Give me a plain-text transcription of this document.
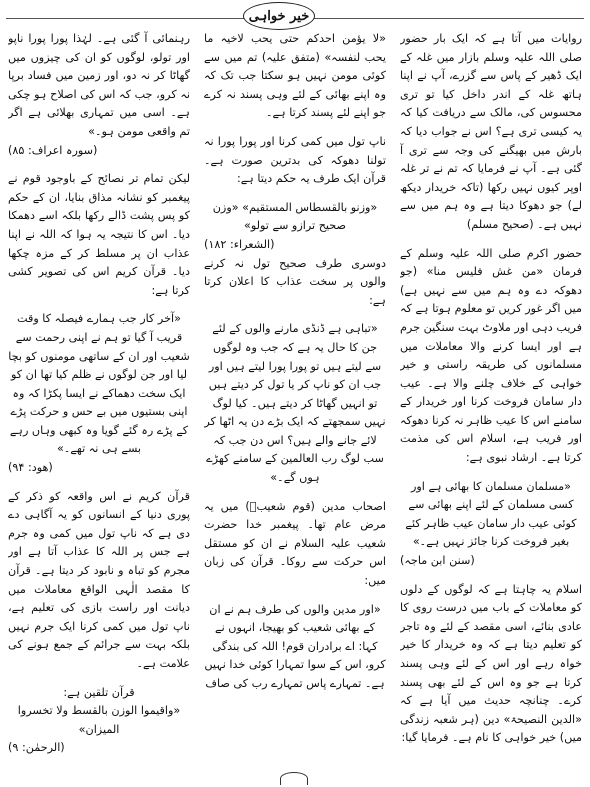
خیر خواہی

روایات میں آتا ہے کہ ایک بار حضور صلی اللہ علیہ وسلم بازار میں غلہ کے ایک ڈھیر کے پاس سے گزرے، آپ نے اپنا ہاتھ غلہ کے اندر داخل کیا تو تری محسوس کی، مالک سے دریافت کیا کہ یہ کیسی تری ہے؟ اس نے جواب دیا کہ بارش میں بھیگنے کی وجہ سے تری آ گئی ہے۔ آپ نے فرمایا کہ تم نے تر غلہ اوپر کیوں نہیں رکھا (تاکہ خریدار دیکھ لے) جو دھوکا دیتا ہے وہ ہم میں سے نہیں ہے۔ (صحیح مسلم)

حضور اکرم صلی اللہ علیہ وسلم کے فرمان «من غش فلیس منا» (جو دھوکہ دے وہ ہم میں سے نہیں ہے) میں اگر غور کریں تو معلوم ہوتا ہے کہ فریب دہی اور ملاوٹ بہت سنگین جرم ہے اور ایسا کرنے والا معاملات میں مسلمانوں کی طریقہ راستی و خیر خواہی کے خلاف چلنے والا ہے۔ عیب دار سامان فروخت کرنا اور خریدار کے سامنے اس کا عیب ظاہر نہ کرنا دھوکہ اور فریب ہے، اسلام اس کی مذمت کرتا ہے۔ ارشاد نبوی ہے:

«مسلمان مسلمان کا بھائی ہے اور کسی مسلمان کے لئے اپنے بھائی سے کوئی عیب دار سامان عیب ظاہر کئے بغیر فروخت کرنا جائز نہیں ہے۔»

(سنن ابن ماجہ)

اسلام یہ چاہتا ہے کہ لوگوں کے دلوں کو معاملات کے باب میں درست روی کا عادی بنائے، اسی مقصد کے لئے وہ تاجر کو تعلیم دیتا ہے کہ وہ خریدار کا خیر خواہ رہے اور اس کے لئے وہی پسند کرتا ہے جو وہ اس کے لئے بھی پسند کرے۔ چنانچہ حدیث میں آیا ہے کہ «الدین النصیحۃ» دین (ہر شعبہ زندگی میں) خیر خواہی کا نام ہے۔ فرمایا گیا:

«لا یؤمن احدکم حتی یحب لاخیہ ما یحب لنفسہ» (متفق علیہ) تم میں سے کوئی مومن نہیں ہو سکتا جب تک کہ وہ اپنے بھائی کے لئے وہی پسند نہ کرے جو اپنے لئے پسند کرتا ہے۔

ناپ تول میں کمی کرنا اور پورا پورا نہ تولنا دھوکہ کی بدترین صورت ہے۔ قرآن ایک طرف یہ حکم دیتا ہے:

«وزنو بالقسطاس المستقیم» «وزن صحیح ترازو سے تولو»

(الشعراء: ۱۸۲)

دوسری طرف صحیح تول نہ کرنے والوں پر سخت عذاب کا اعلان کرتا ہے:

«تباہی ہے ڈنڈی مارنے والوں کے لئے جن کا حال یہ ہے کہ جب وہ لوگوں سے لیتے ہیں تو پورا پورا لیتے ہیں اور جب ان کو ناپ کر یا تول کر دیتے ہیں تو انہیں گھاٹا کر دیتے ہیں۔ کیا لوگ نہیں سمجھتے کہ ایک بڑے دن یہ اٹھا کر لائے جانے والے ہیں؟ اس دن جب کہ سب لوگ رب العالمین کے سامنے کھڑے ہوں گے۔»

اصحاب مدین (قوم شعیبؑ) میں یہ مرض عام تھا۔ پیغمبر خدا حضرت شعیب علیہ السلام نے ان کو مستقل اس حرکت سے روکا۔ قرآن کی زبان میں:

«اور مدین والوں کی طرف ہم نے ان کے بھائی شعیب کو بھیجا، انہوں نے کہا: اے برادران قوم! اللہ کی بندگی کرو، اس کے سوا تمہارا کوئی خدا نہیں ہے۔ تمہارے پاس تمہارے رب کی صاف

رہنمائی آ گئی ہے۔ لہٰذا پورا پورا ناپو اور تولو، لوگوں کو ان کی چیزوں میں گھاٹا کر نہ دو، اور زمین میں فساد برپا نہ کرو، جب کہ اس کی اصلاح ہو چکی ہے۔ اسی میں تمہاری بھلائی ہے اگر تم واقعی مومن ہو۔»

(سورہ اعراف: ۸۵)

لیکن تمام تر نصائح کے باوجود قوم نے پیغمبر کو نشانہ مذاق بنایا، ان کے حکم کو پس پشت ڈالے رکھا بلکہ اسے دھمکا دیا۔ اس کا نتیجہ یہ ہوا کہ اللہ نے اپنا عذاب ان پر مسلط کر کے مزہ چکھا دیا۔ قرآن کریم اس کی تصویر کشی کرتا ہے:

«آخر کار جب ہمارے فیصلہ کا وقت قریب آ گیا تو ہم نے اپنی رحمت سے شعیب اور ان کے ساتھی مومنوں کو بچا لیا اور جن لوگوں نے ظلم کیا تھا ان کو ایک سخت دھماکے نے ایسا پکڑا کہ وہ اپنی بستیوں میں بے حس و حرکت پڑے کے پڑے رہ گئے گویا وہ کبھی وہاں رہے بسے ہی نہ تھے۔»

(ھود: ۹۴)

قرآن کریم نے اس واقعہ کو ذکر کے پوری دنیا کے انسانوں کو یہ آگاہی دے دی ہے کہ ناپ تول میں کمی وہ جرم ہے جس پر اللہ کا عذاب آتا ہے اور مجرم کو تباہ و نابود کر دیتا ہے۔ قرآن کا مقصد الٰہی الواقع معاملات میں دیانت اور راست بازی کی تعلیم ہے، ناپ تول میں کمی کرنا ایک جرم نہیں بلکہ بہت سے جرائم کے جمع ہونے کی علامت ہے۔

قرآن تلقین ہے:

«واقیموا الوزن بالقسط ولا تخسروا المیزان»

(الرحمٰن: ۹)
